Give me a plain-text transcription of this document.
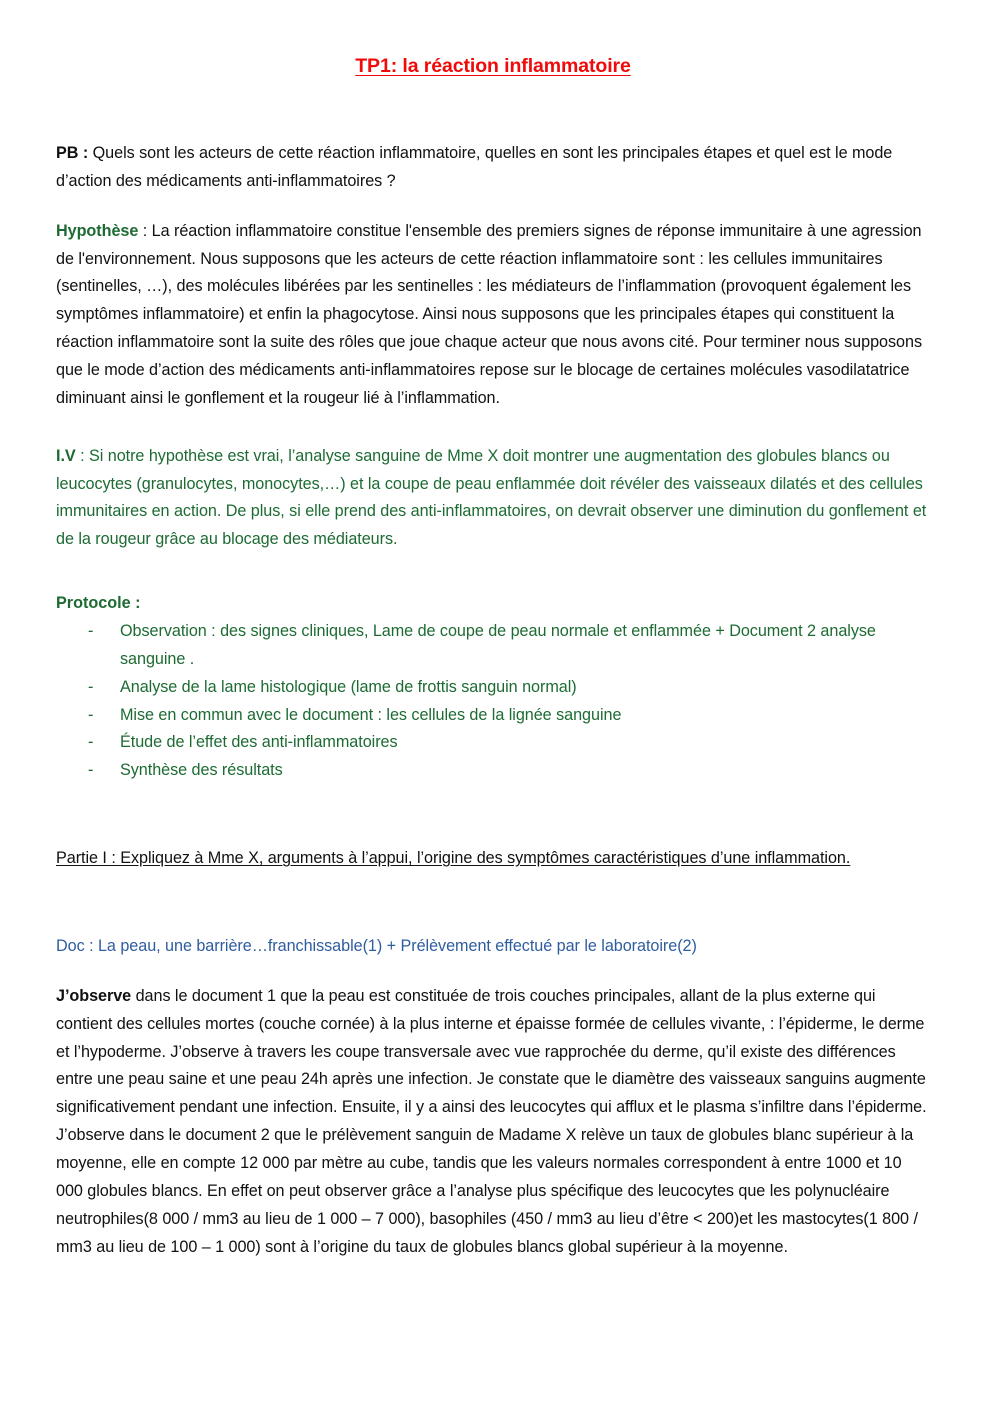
TP1: la réaction inflammatoire

PB : Quels sont les acteurs de cette réaction inflammatoire, quelles en sont les principales étapes et quel est le mode d’action des médicaments anti-inflammatoires ?

Hypothèse : La réaction inflammatoire constitue l'ensemble des premiers signes de réponse immunitaire à une agression de l'environnement. Nous supposons que les acteurs de cette réaction inflammatoire sont : les cellules immunitaires (sentinelles, …), des molécules libérées par les sentinelles : les médiateurs de l’inflammation (provoquent également les symptômes inflammatoire) et enfin la phagocytose. Ainsi nous supposons que les principales étapes qui constituent la réaction inflammatoire sont la suite des rôles que joue chaque acteur que nous avons cité. Pour terminer nous supposons que le mode d’action des médicaments anti-inflammatoires repose sur le blocage de certaines molécules vasodilatatrice diminuant ainsi le gonflement et la rougeur lié à l’inflammation.

I.V : Si notre hypothèse est vrai, l’analyse sanguine de Mme X doit montrer une augmentation des globules blancs ou leucocytes (granulocytes, monocytes,…) et la coupe de peau enflammée doit révéler des vaisseaux dilatés et des cellules immunitaires en action. De plus, si elle prend des anti-inflammatoires, on devrait observer une diminution du gonflement et de la rougeur grâce au blocage des médiateurs.

Protocole :
- Observation : des signes cliniques, Lame de coupe de peau normale et enflammée + Document 2 analyse sanguine .
- Analyse de la lame histologique (lame de frottis sanguin normal)
- Mise en commun avec le document : les cellules de la lignée sanguine
- Étude de l’effet des anti-inflammatoires
- Synthèse des résultats

Partie I : Expliquez à Mme X, arguments à l’appui, l’origine des symptômes caractéristiques d’une inflammation.

Doc : La peau, une barrière…franchissable(1) + Prélèvement effectué par le laboratoire(2)

J’observe dans le document 1 que la peau est constituée de trois couches principales, allant de la plus externe qui contient des cellules mortes (couche cornée) à la plus interne et épaisse formée de cellules vivante, : l’épiderme, le derme et l’hypoderme. J’observe à travers les coupe transversale avec vue rapprochée du derme, qu’il existe des différences entre une peau saine et une peau 24h après une infection. Je constate que le diamètre des vaisseaux sanguins augmente significativement pendant une infection. Ensuite, il y a ainsi des leucocytes qui afflux et le plasma s’infiltre dans l’épiderme. J’observe dans le document 2 que le prélèvement sanguin de Madame X relève un taux de globules blanc supérieur à la moyenne, elle en compte 12 000 par mètre au cube, tandis que les valeurs normales correspondent à entre 1000 et 10 000 globules blancs. En effet on peut observer grâce a l’analyse plus spécifique des leucocytes que les polynucléaire neutrophiles(8 000 / mm3 au lieu de 1 000 – 7 000), basophiles (450 / mm3 au lieu d’être < 200)et les mastocytes(1 800 / mm3 au lieu de 100 – 1 000) sont à l’origine du taux de globules blancs global supérieur à la moyenne.
